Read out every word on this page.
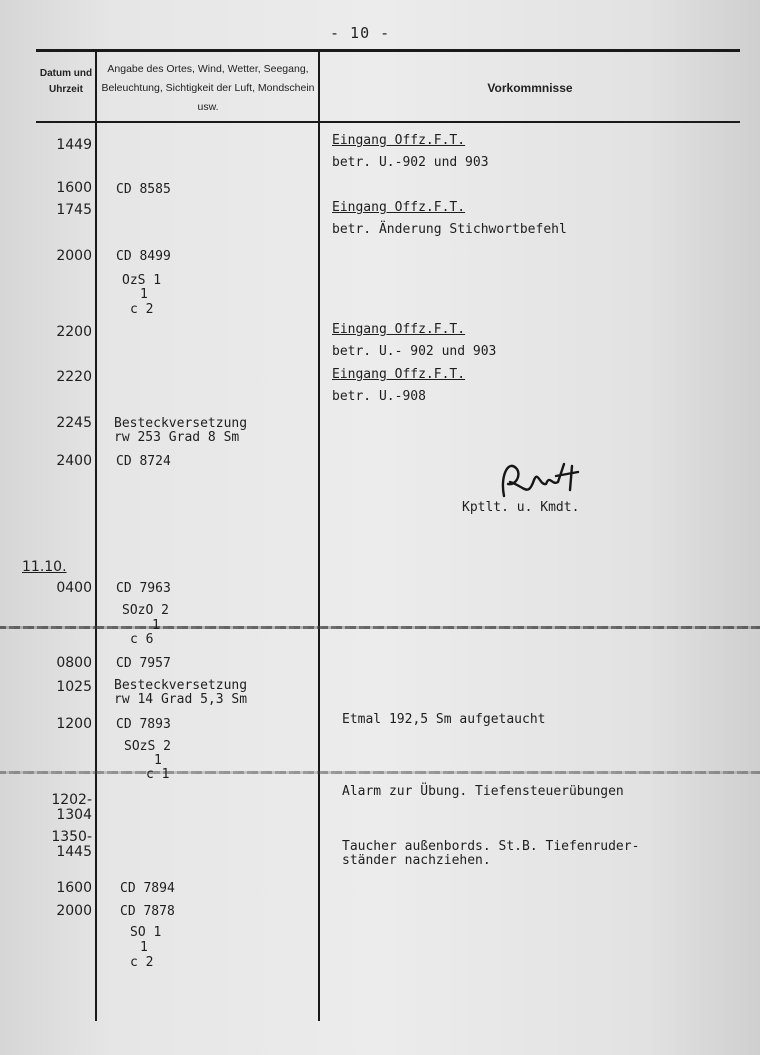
- 10 -
Datum und Uhrzeit
Angabe des Ortes, Wind, Wetter, Seegang, Beleuchtung, Sichtigkeit der Luft, Mondschein usw.
Vorkommnisse
1449
1600
1745
2000
2200
2220
2245
2400
11.10.
0400
0800
1025
1200
1202-
1304
1350-
1445
1600
2000
CD 8585
CD 8499
OzS 1
1
c 2
Besteckversetzung
rw 253 Grad 8 Sm
CD 8724
CD 7963
SOzO 2
1
c 6
CD 7957
Besteckversetzung
rw 14 Grad 5,3 Sm
CD 7893
SOzS 2
1
c 1
CD 7894
CD 7878
SO 1
1
c 2
Eingang Offz.F.T.
betr. U.-902 und 903
Eingang Offz.F.T.
betr. Änderung Stichwortbefehl
Eingang Offz.F.T.
betr. U.- 902 und 903
Eingang Offz.F.T.
betr. U.-908
Kptlt. u. Kmdt.
Etmal 192,5 Sm aufgetaucht
Alarm zur Übung. Tiefensteuerübungen
Taucher außenbords. St.B. Tiefenruder-
ständer nachziehen.
